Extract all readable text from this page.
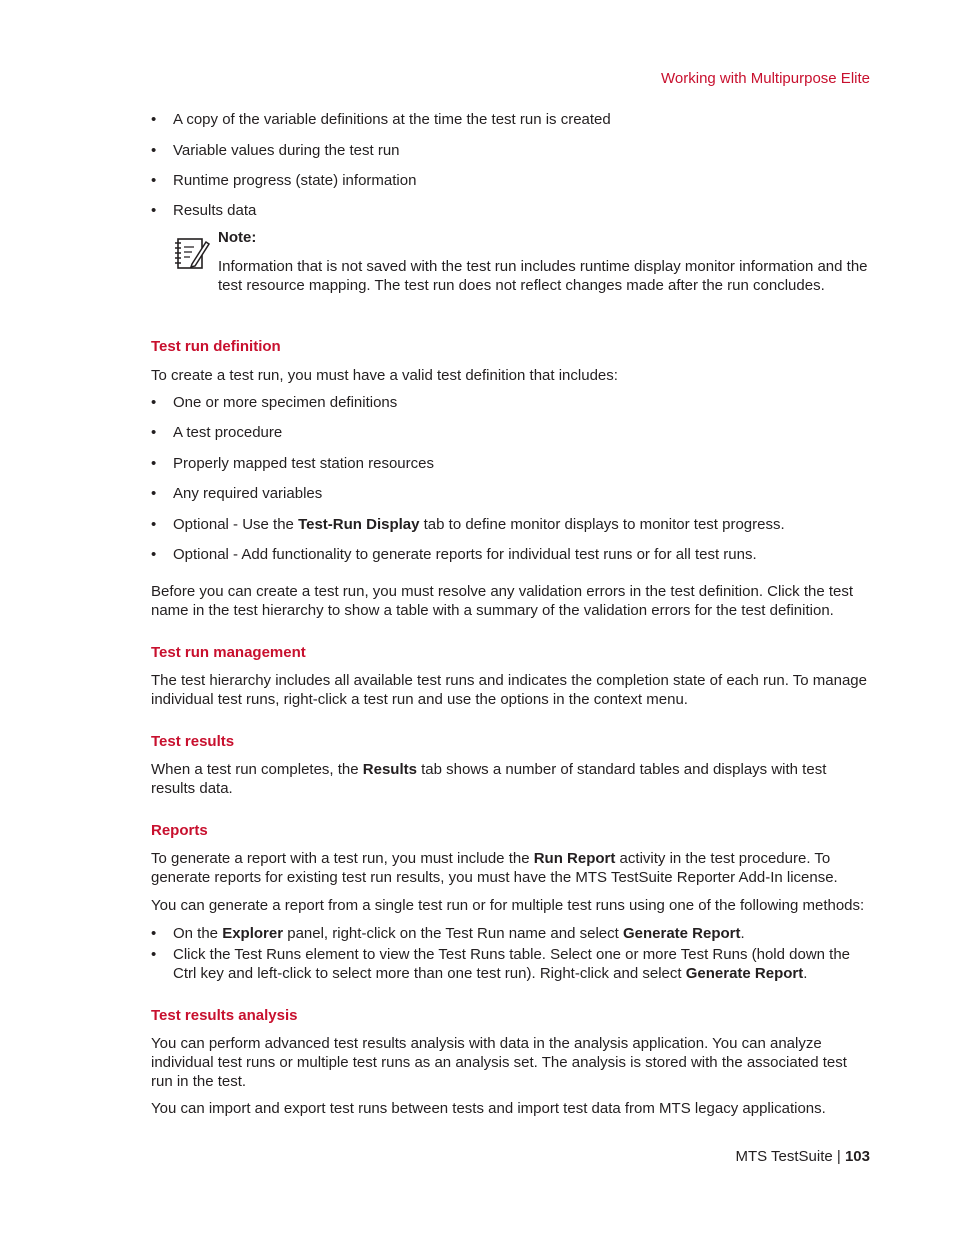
Working with Multipurpose Elite
• A copy of the variable definitions at the time the test run is created
• Variable values during the test run
• Runtime progress (state) information
• Results data
Note:
Information that is not saved with the test run includes runtime display monitor information and the test resource mapping. The test run does not reflect changes made after the run concludes.
Test run definition
To create a test run, you must have a valid test definition that includes:
• One or more specimen definitions
• A test procedure
• Properly mapped test station resources
• Any required variables
• Optional - Use the Test-Run Display tab to define monitor displays to monitor test progress.
• Optional - Add functionality to generate reports for individual test runs or for all test runs.
Before you can create a test run, you must resolve any validation errors in the test definition. Click the test name in the test hierarchy to show a table with a summary of the validation errors for the test definition.
Test run management
The test hierarchy includes all available test runs and indicates the completion state of each run. To manage individual test runs, right-click a test run and use the options in the context menu.
Test results
When a test run completes, the Results tab shows a number of standard tables and displays with test results data.
Reports
To generate a report with a test run, you must include the Run Report activity in the test procedure. To generate reports for existing test run results, you must have the MTS TestSuite Reporter Add-In license.
You can generate a report from a single test run or for multiple test runs using one of the following methods:
• On the Explorer panel, right-click on the Test Run name and select Generate Report.
• Click the Test Runs element to view the Test Runs table. Select one or more Test Runs (hold down the Ctrl key and left-click to select more than one test run). Right-click and select Generate Report.
Test results analysis
You can perform advanced test results analysis with data in the analysis application. You can analyze individual test runs or multiple test runs as an analysis set. The analysis is stored with the associated test run in the test.
You can import and export test runs between tests and import test data from MTS legacy applications.
MTS TestSuite | 103
